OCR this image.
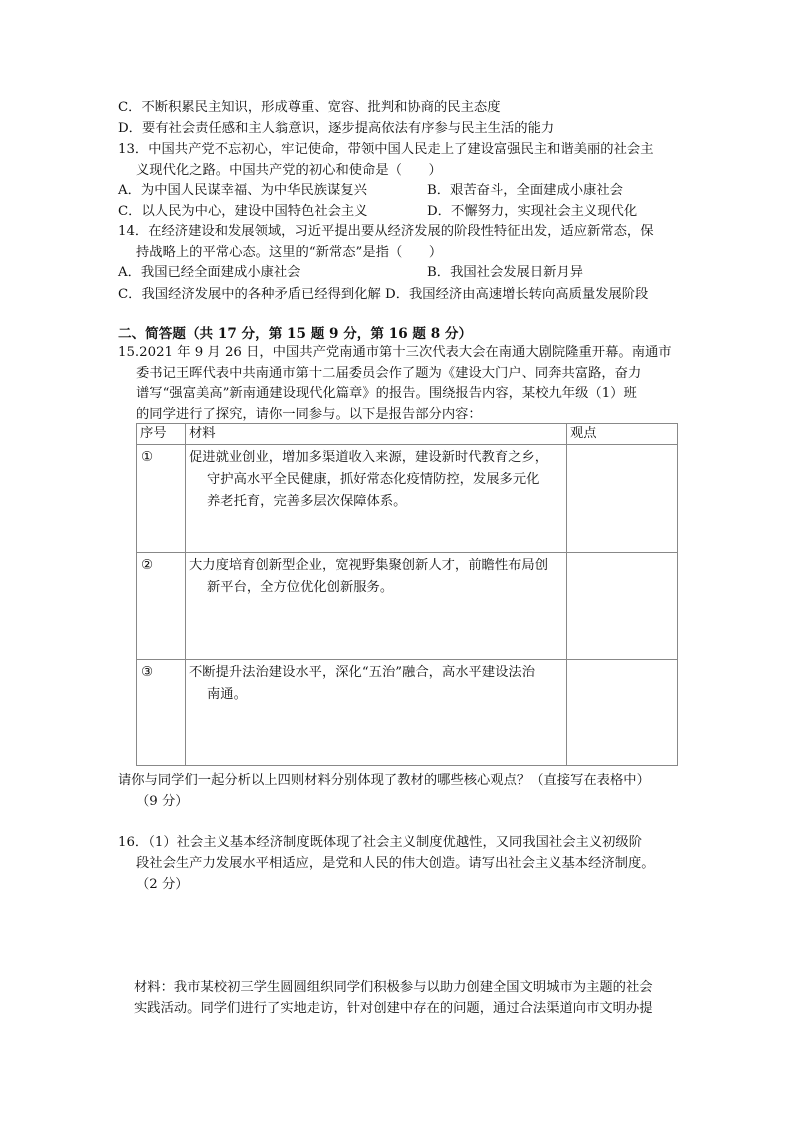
C．不断积累民主知识，形成尊重、宽容、批判和协商的民主态度
D．要有社会责任感和主人翁意识，逐步提高依法有序参与民主生活的能力
13．中国共产党不忘初心，牢记使命，带领中国人民走上了建设富强民主和谐美丽的社会主
义现代化之路。中国共产党的初心和使命是（　　）
A．为中国人民谋幸福、为中华民族谋复兴	B．艰苦奋斗，全面建成小康社会
C．以人民为中心，建设中国特色社会主义	D．不懈努力，实现社会主义现代化
14．在经济建设和发展领域，习近平提出要从经济发展的阶段性特征出发，适应新常态，保
持战略上的平常心态。这里的“新常态”是指（　　）
A．我国已经全面建成小康社会	B．我国社会发展日新月异
C．我国经济发展中的各种矛盾已经得到化解 D．我国经济由高速增长转向高质量发展阶段
二、简答题（共 17 分，第 15 题 9 分，第 16 题 8 分）
15.2021 年 9 月 26 日，中国共产党南通市第十三次代表大会在南通大剧院隆重开幕。南通市
委书记王晖代表中共南通市第十二届委员会作了题为《建设大门户、同奔共富路，奋力
谱写“强富美高”新南通建设现代化篇章》的报告。围绕报告内容，某校九年级（1）班
的同学进行了探究，请你一同参与。以下是报告部分内容：
序号	材料	观点
①	促进就业创业，增加多渠道收入来源，建设新时代教育之乡，
守护高水平全民健康，抓好常态化疫情防控，发展多元化
养老托育，完善多层次保障体系。	

②	大力度培育创新型企业，宽视野集聚创新人才，前瞻性布局创
新平台，全方位优化创新服务。	

③	不断提升法治建设水平，深化“五治”融合，高水平建设法治
南通。	

请你与同学们一起分析以上四则材料分别体现了教材的哪些核心观点？（直接写在表格中）
（9 分）
16．（1）社会主义基本经济制度既体现了社会主义制度优越性，又同我国社会主义初级阶
段社会生产力发展水平相适应，是党和人民的伟大创造。请写出社会主义基本经济制度。
（2 分）
材料：我市某校初三学生圆圆组织同学们积极参与以助力创建全国文明城市为主题的社会
实践活动。同学们进行了实地走访，针对创建中存在的问题，通过合法渠道向市文明办提
